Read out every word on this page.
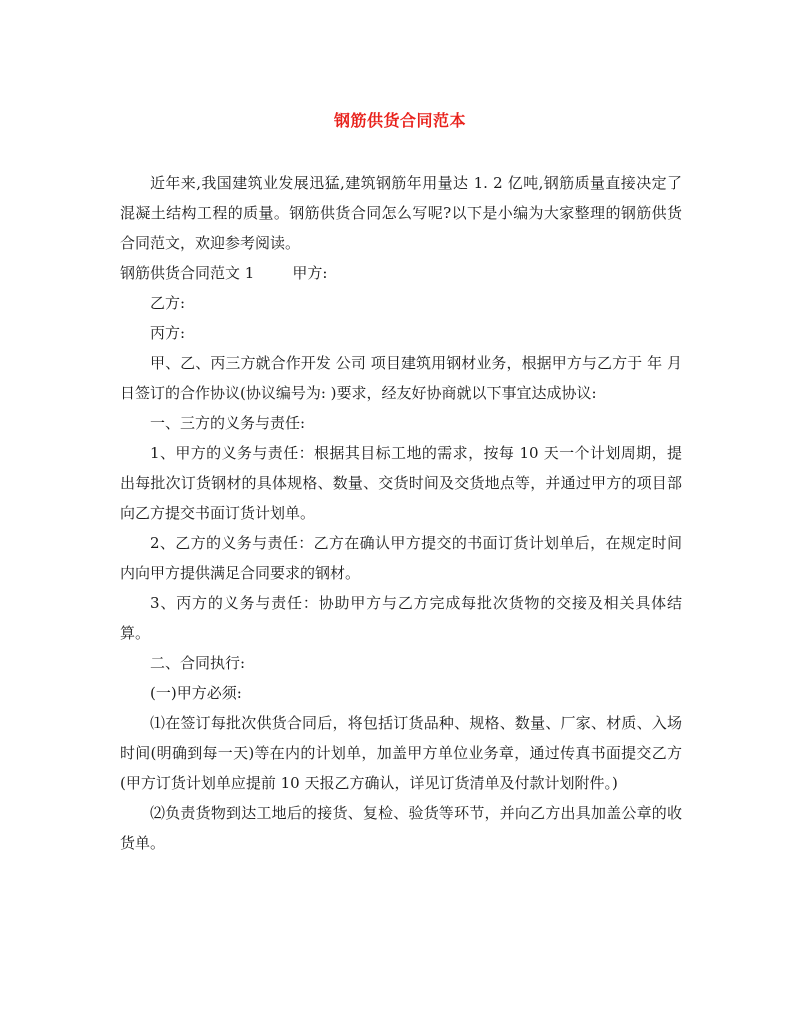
钢筋供货合同范本

近年来,我国建筑业发展迅猛,建筑钢筋年用量达 1. 2 亿吨,钢筋质量直接决定了混凝土结构工程的质量。钢筋供货合同怎么写呢?以下是小编为大家整理的钢筋供货合同范文，欢迎参考阅读。

钢筋供货合同范文 1	甲方:

乙方:

丙方:

甲、乙、丙三方就合作开发 公司 项目建筑用钢材业务，根据甲方与乙方于 年 月 日签订的合作协议(协议编号为: )要求，经友好协商就以下事宜达成协议:

一、三方的义务与责任:

1、甲方的义务与责任：根据其目标工地的需求，按每 10 天一个计划周期，提出每批次订货钢材的具体规格、数量、交货时间及交货地点等，并通过甲方的项目部向乙方提交书面订货计划单。

2、乙方的义务与责任：乙方在确认甲方提交的书面订货计划单后，在规定时间内向甲方提供满足合同要求的钢材。

3、丙方的义务与责任：协助甲方与乙方完成每批次货物的交接及相关具体结算。

二、合同执行:

(一)甲方必须:

⑴在签订每批次供货合同后，将包括订货品种、规格、数量、厂家、材质、入场时间(明确到每一天)等在内的计划单，加盖甲方单位业务章，通过传真书面提交乙方(甲方订货计划单应提前 10 天报乙方确认，详见订货清单及付款计划附件。)

⑵负责货物到达工地后的接货、复检、验货等环节，并向乙方出具加盖公章的收货单。
